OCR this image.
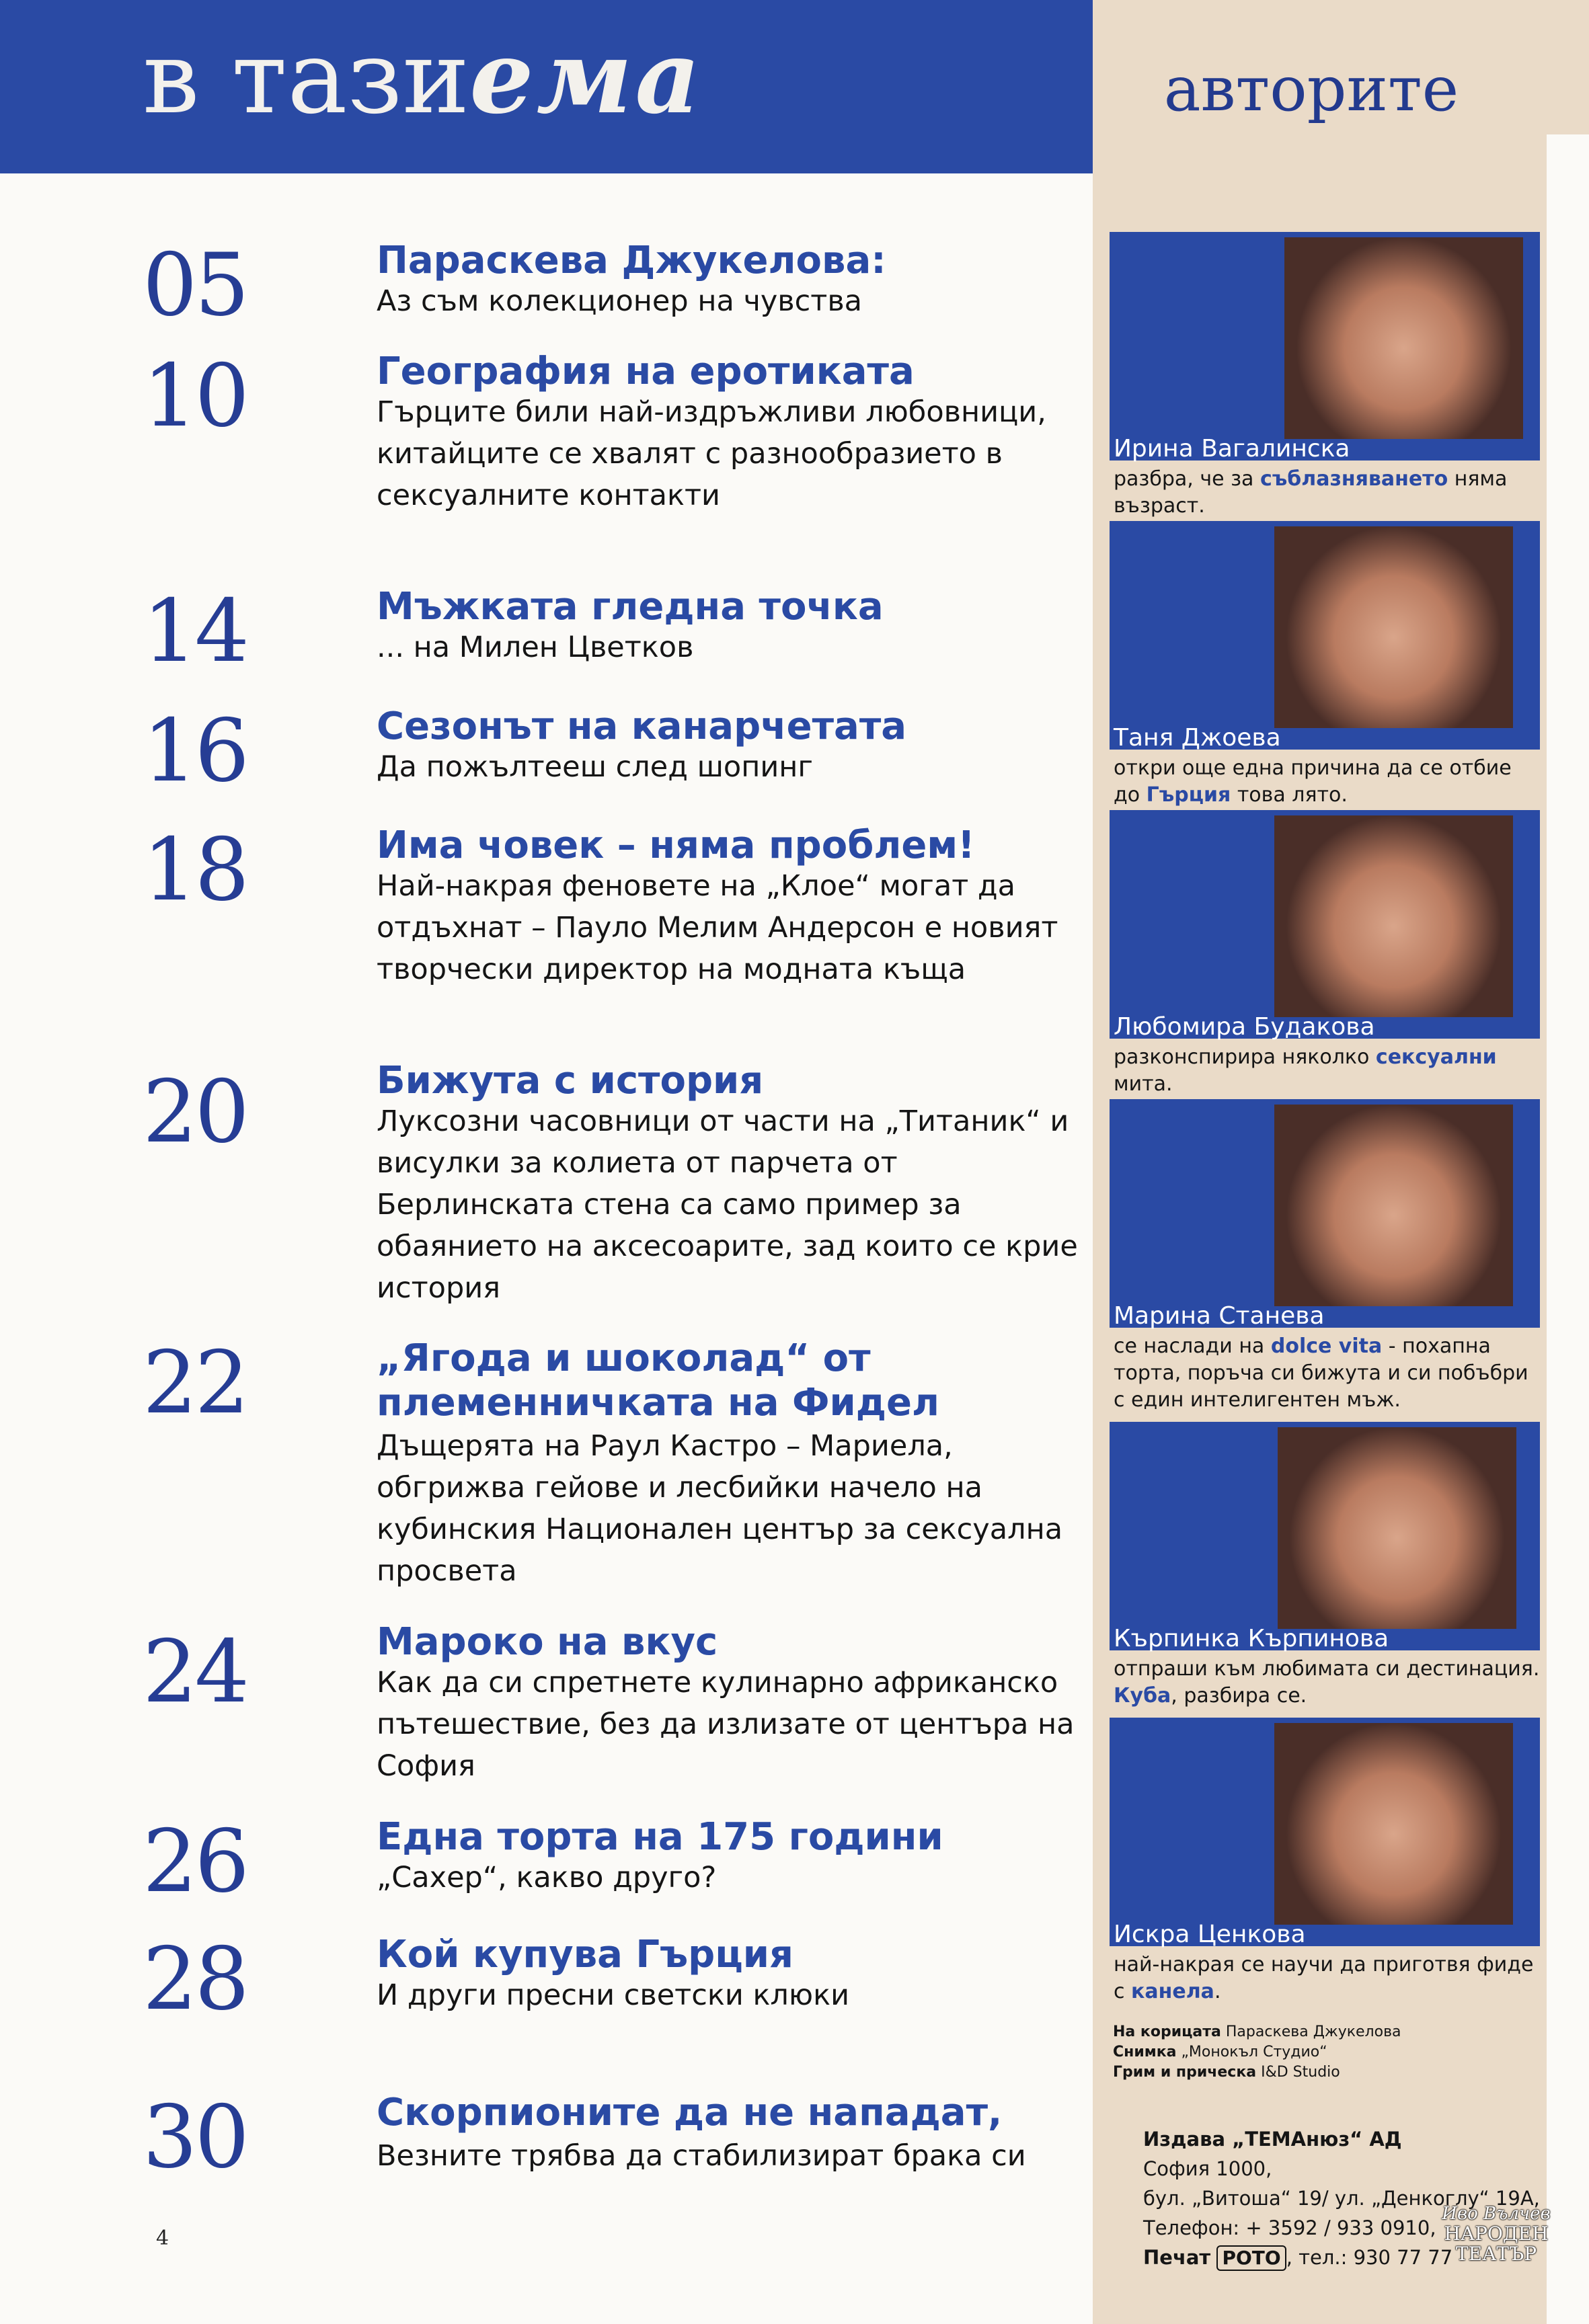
в тазиема	авторите
05	Параскева Джукелова:
Аз съм колекционер на чувства
10	География на еротиката
Гърците били най-издръжливи любовници, китайците се хвалят с разнообразието в сексуалните контакти
14	Мъжката гледна точка
... на Милен Цветков
16	Сезонът на канарчетата
Да пожълтееш след шопинг
18	Има човек – няма проблем!
Най-накрая феновете на „Клое“ могат да отдъхнат – Пауло Мелим Андерсон е новият творчески директор на модната къща
20	Бижута с история
Луксозни часовници от части на „Титаник“ и висулки за колиета от парчета от Берлинската стена са само пример за обаянието на аксесоарите, зад които се крие история
22	„Ягода и шоколад“ от
племенничката на Фидел
Дъщерята на Раул Кастро – Мариела, обгрижва гейове и лесбийки начело на кубинския Национален център за сексуална просвета
24	Мароко на вкус
Как да си спретнете кулинарно африканско пътешествие, без да излизате от центъра на София
26	Една торта на 175 години
„Сахер“, какво друго?
28	Кой купува Гърция
И други пресни светски клюки
30	Скорпионите да не нападат,
Везните трябва да стабилизират брака си
Ирина Вагалинска
разбра, че за съблазняването няма възраст.
Таня Джоева
откри още една причина да се отбие до Гърция това лято.
Любомира Будакова
разконспирира няколко сексуални мита.
Марина Станева
се наслади на dolce vita - похапна торта, поръча си бижута и си побъбри с един интелигентен мъж.
Кърпинка Кърпинова
отпраши към любимата си дестинация. Куба, разбира се.
Искра Ценкова
най-накрая се научи да приготвя фиде с канела.
На корицата Параскева Джукелова
Снимка „Монокъл Студио“
Грим и прическа I&D Studio
Издава „ТЕМАнюз“ АД
София 1000,
бул. „Витоша“ 19/ ул. „Денкоглу“ 19А,
Телефон: + 3592 / 933 0910,
Печат РОТО , тел.: 930 77 77
Иво Вълчев
НАРОДЕН
ТЕАТЪР
4
